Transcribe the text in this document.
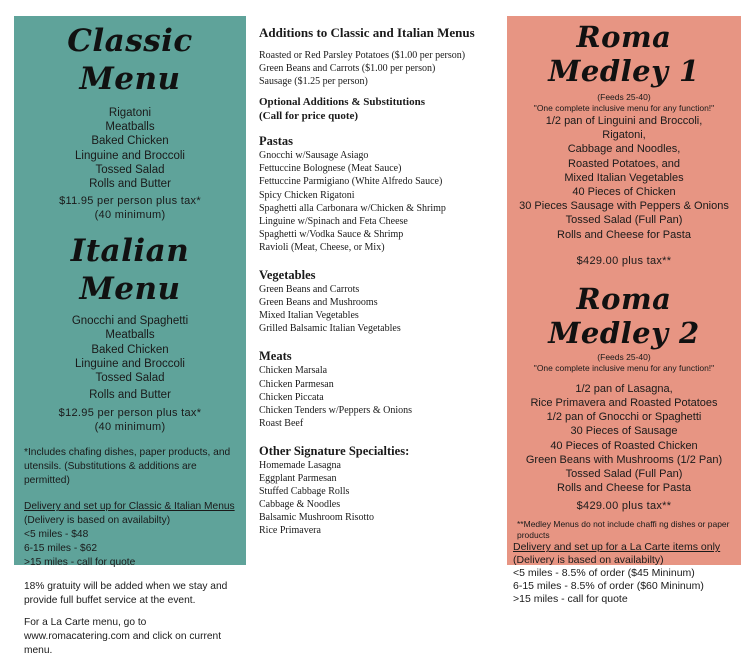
Classic Menu
Rigatoni
Meatballs
Baked Chicken
Linguine and Broccoli
Tossed Salad
Rolls and Butter
$11.95 per person plus tax*
(40 minimum)
Italian Menu
Gnocchi and Spaghetti
Meatballs
Baked Chicken
Linguine and Broccoli
Tossed Salad
Rolls and Butter
$12.95 per person plus tax*
(40 minimum)
*Includes chafing dishes, paper products, and utensils. (Substitutions & additions are permitted)
Delivery and set up for Classic & Italian Menus (Delivery is based on availabilty)
<5 miles - $48
6-15 miles - $62
>15 miles - call for quote
18% gratuity will be added when we stay and provide full buffet service at the event.
For a La Carte menu, go to www.romacatering.com and click on current menu.
Additions to Classic and Italian Menus
Roasted or Red Parsley Potatoes ($1.00 per person)
Green Beans and Carrots ($1.00 per person)
Sausage ($1.25 per person)
Optional Additions & Substitutions
(Call for price quote)
Pastas
Gnocchi w/Sausage Asiago
Fettuccine Bolognese (Meat Sauce)
Fettuccine Parmigiano (White Alfredo Sauce)
Spicy Chicken Rigatoni
Spaghetti alla Carbonara w/Chicken & Shrimp
Linguine w/Spinach and Feta Cheese
Spaghetti w/Vodka Sauce & Shrimp
Ravioli (Meat, Cheese, or Mix)
Vegetables
Green Beans and Carrots
Green Beans and Mushrooms
Mixed Italian Vegetables
Grilled Balsamic Italian Vegetables
Meats
Chicken Marsala
Chicken Parmesan
Chicken Piccata
Chicken Tenders w/Peppers & Onions
Roast Beef
Other Signature Specialties:
Homemade Lasagna
Eggplant Parmesan
Stuffed Cabbage Rolls
Cabbage & Noodles
Balsamic Mushroom Risotto
Rice Primavera
Roma Medley 1
(Feeds 25-40)
"One complete inclusive menu for any function!"
1/2 pan of Linguini and Broccoli,
Rigatoni,
Cabbage and Noodles,
Roasted Potatoes, and
Mixed Italian Vegetables
40 Pieces of Chicken
30 Pieces Sausage with Peppers & Onions
Tossed Salad (Full Pan)
Rolls and Cheese for Pasta
$429.00 plus tax**
Roma Medley 2
(Feeds 25-40)
"One complete inclusive menu for any function!"
1/2 pan of Lasagna,
Rice Primavera and Roasted Potatoes
1/2 pan of Gnocchi or Spaghetti
30 Pieces of Sausage
40 Pieces of Roasted Chicken
Green Beans with Mushrooms (1/2 Pan)
Tossed Salad (Full Pan)
Rolls and Cheese for Pasta
$429.00 plus tax**
**Medley Menus do not include chaffi ng dishes or paper products
Delivery and set up for a La Carte items only
(Delivery is based on availabilty)
<5 miles - 8.5% of order ($45 Mininum)
6-15 miles - 8.5% of order ($60 Mininum)
>15 miles - call for quote
